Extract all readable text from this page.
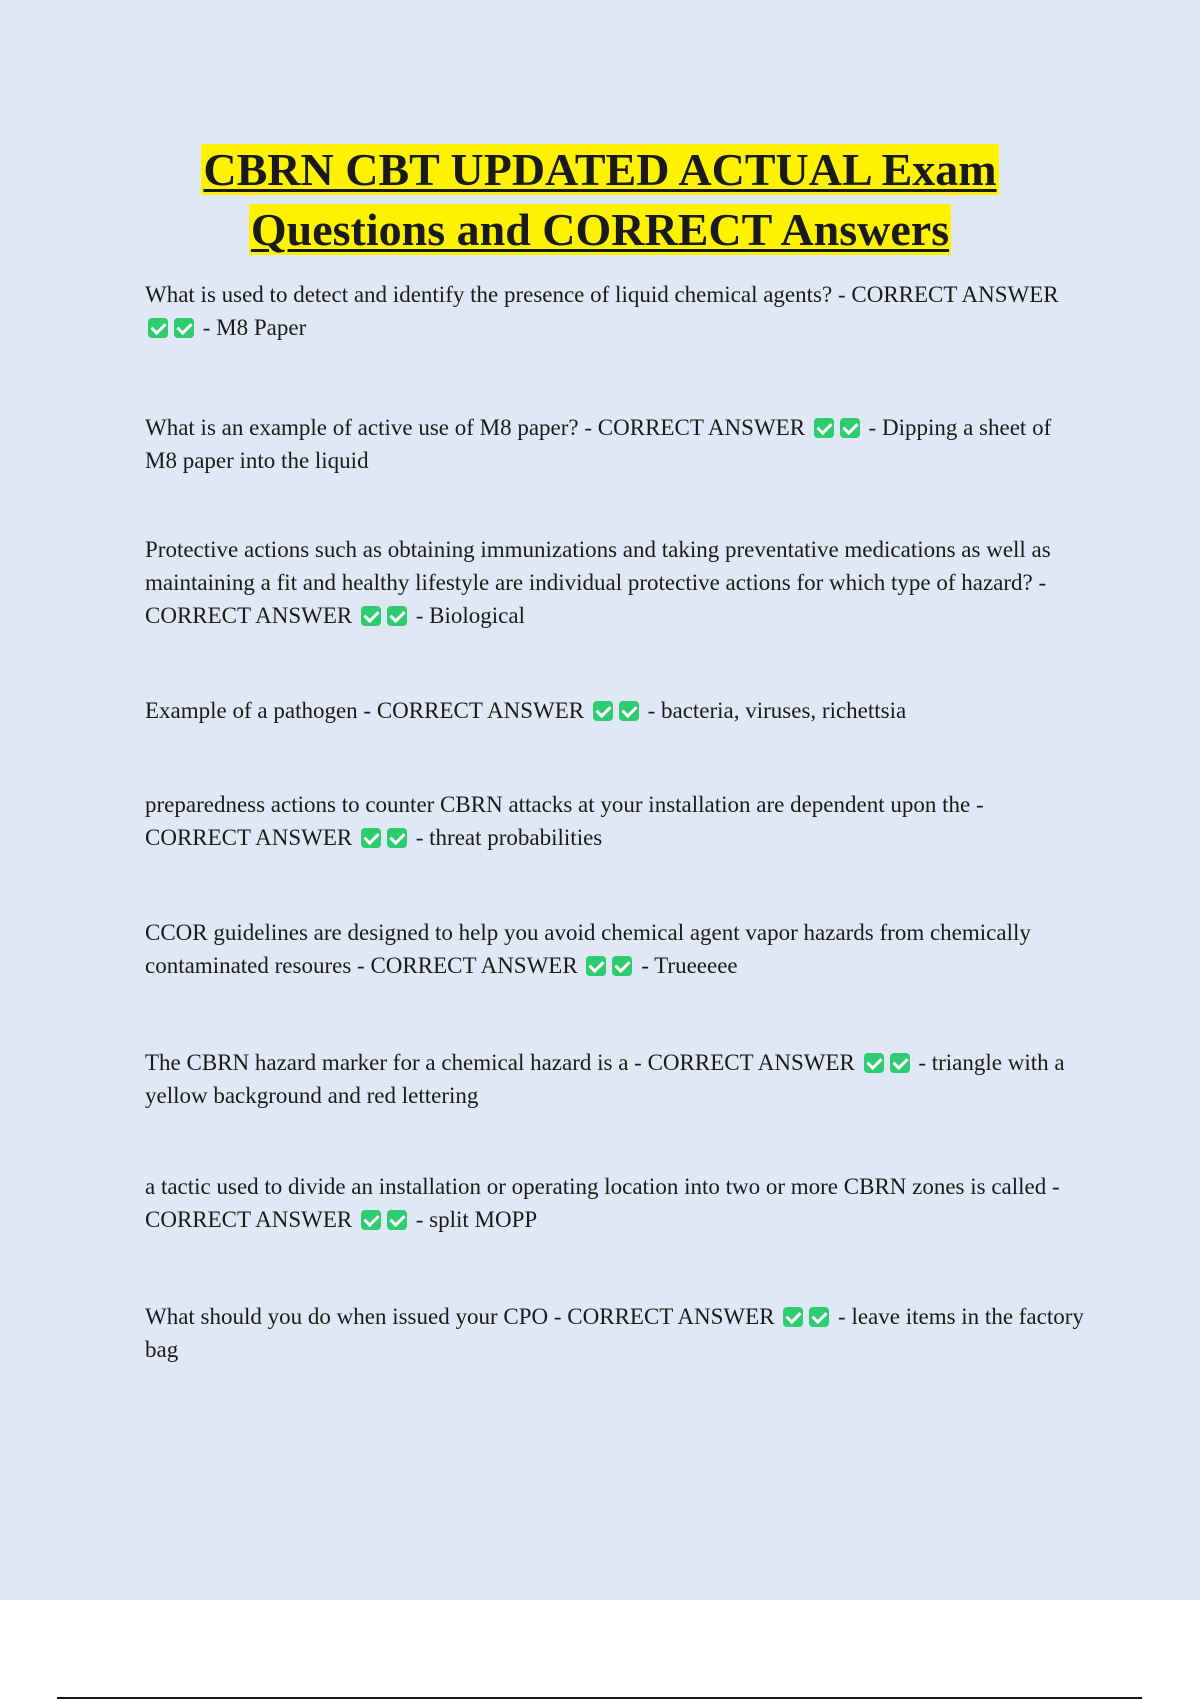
CBRN CBT UPDATED ACTUAL Exam
Questions and CORRECT Answers

What is used to detect and identify the presence of liquid chemical agents? - CORRECT ANSWER  - M8 Paper

What is an example of active use of M8 paper? - CORRECT ANSWER	- Dipping a sheet of M8 paper into the liquid

Protective actions such as obtaining immunizations and taking preventative medications as well as maintaining a fit and healthy lifestyle are individual protective actions for which type of hazard? - CORRECT ANSWER	- Biological

Example of a pathogen - CORRECT ANSWER	- bacteria, viruses, richettsia

preparedness actions to counter CBRN attacks at your installation are dependent upon the - CORRECT ANSWER	- threat probabilities

CCOR guidelines are designed to help you avoid chemical agent vapor hazards from chemically contaminated resoures - CORRECT ANSWER	- Trueeeee

The CBRN hazard marker for a chemical hazard is a - CORRECT ANSWER	- triangle with a yellow background and red lettering

a tactic used to divide an installation or operating location into two or more CBRN zones is called - CORRECT ANSWER	- split MOPP

What should you do when issued your CPO - CORRECT ANSWER	- leave items in the factory bag
